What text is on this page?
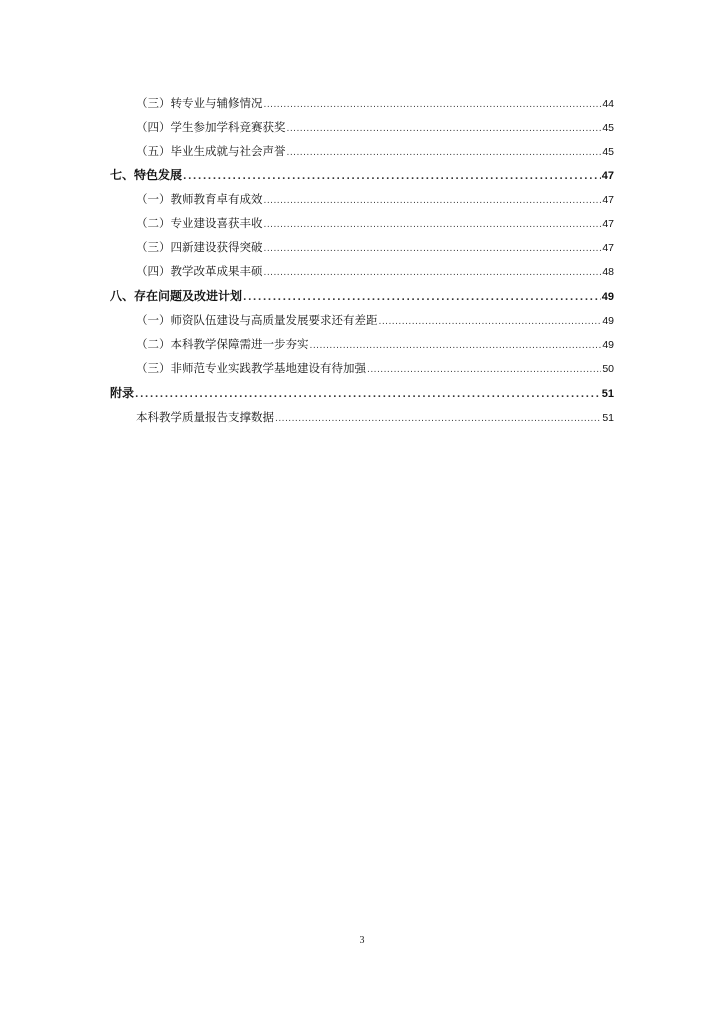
（三）转专业与辅修情况 . . .	44
（四）学生参加学科竞赛获奖 . . .	45
（五）毕业生成就与社会声誉 . . .	45
七、特色发展 . . .	47
（一）教师教育卓有成效 . . .	47
（二）专业建设喜获丰收 . . .	47
（三）四新建设获得突破 . . .	47
（四）教学改革成果丰硕 . . .	48
八、存在问题及改进计划 . . .	49
（一）师资队伍建设与高质量发展要求还有差距 . . .	49
（二）本科教学保障需进一步夯实 . . .	49
（三）非师范专业实践教学基地建设有待加强 . . .	50
附录 . . .	51
本科教学质量报告支撑数据 . . .	51
3
